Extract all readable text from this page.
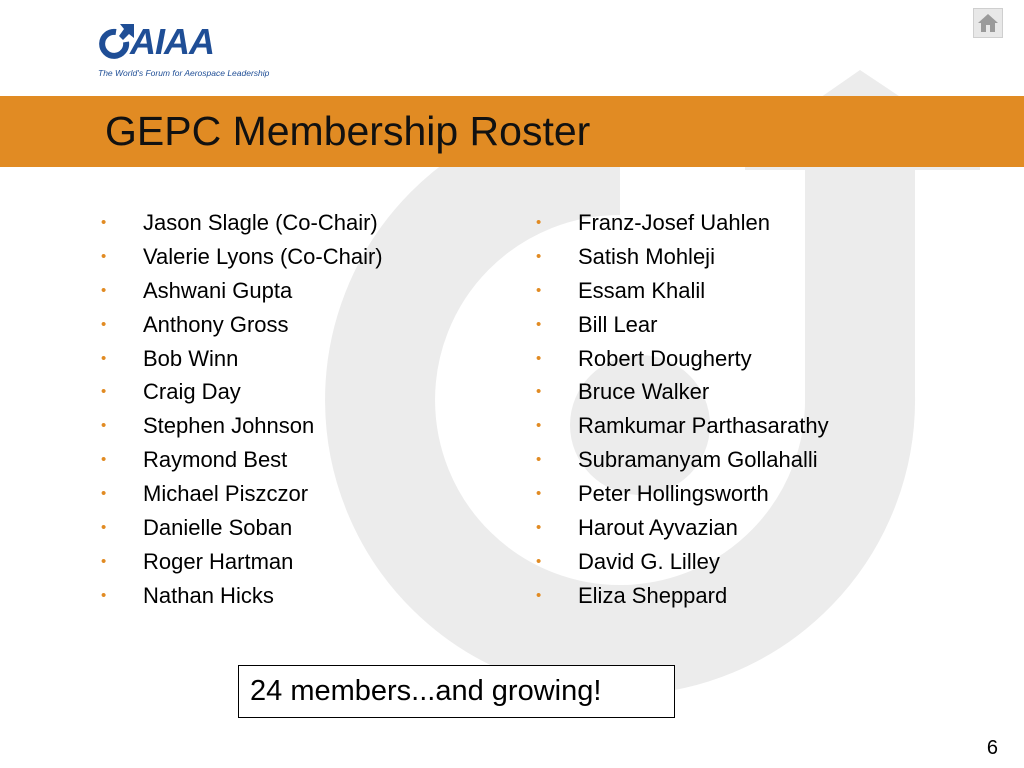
AIAA
The World's Forum for Aerospace Leadership
GEPC Membership Roster
• Jason Slagle (Co-Chair)
• Valerie Lyons (Co-Chair)
• Ashwani Gupta
• Anthony Gross
• Bob Winn
• Craig Day
• Stephen Johnson
• Raymond Best
• Michael Piszczor
• Danielle Soban
• Roger Hartman
• Nathan Hicks
• Franz-Josef Uahlen
• Satish Mohleji
• Essam Khalil
• Bill Lear
• Robert Dougherty
• Bruce Walker
• Ramkumar Parthasarathy
• Subramanyam Gollahalli
• Peter Hollingsworth
• Harout Ayvazian
• David G. Lilley
• Eliza Sheppard
24 members...and growing!
6
